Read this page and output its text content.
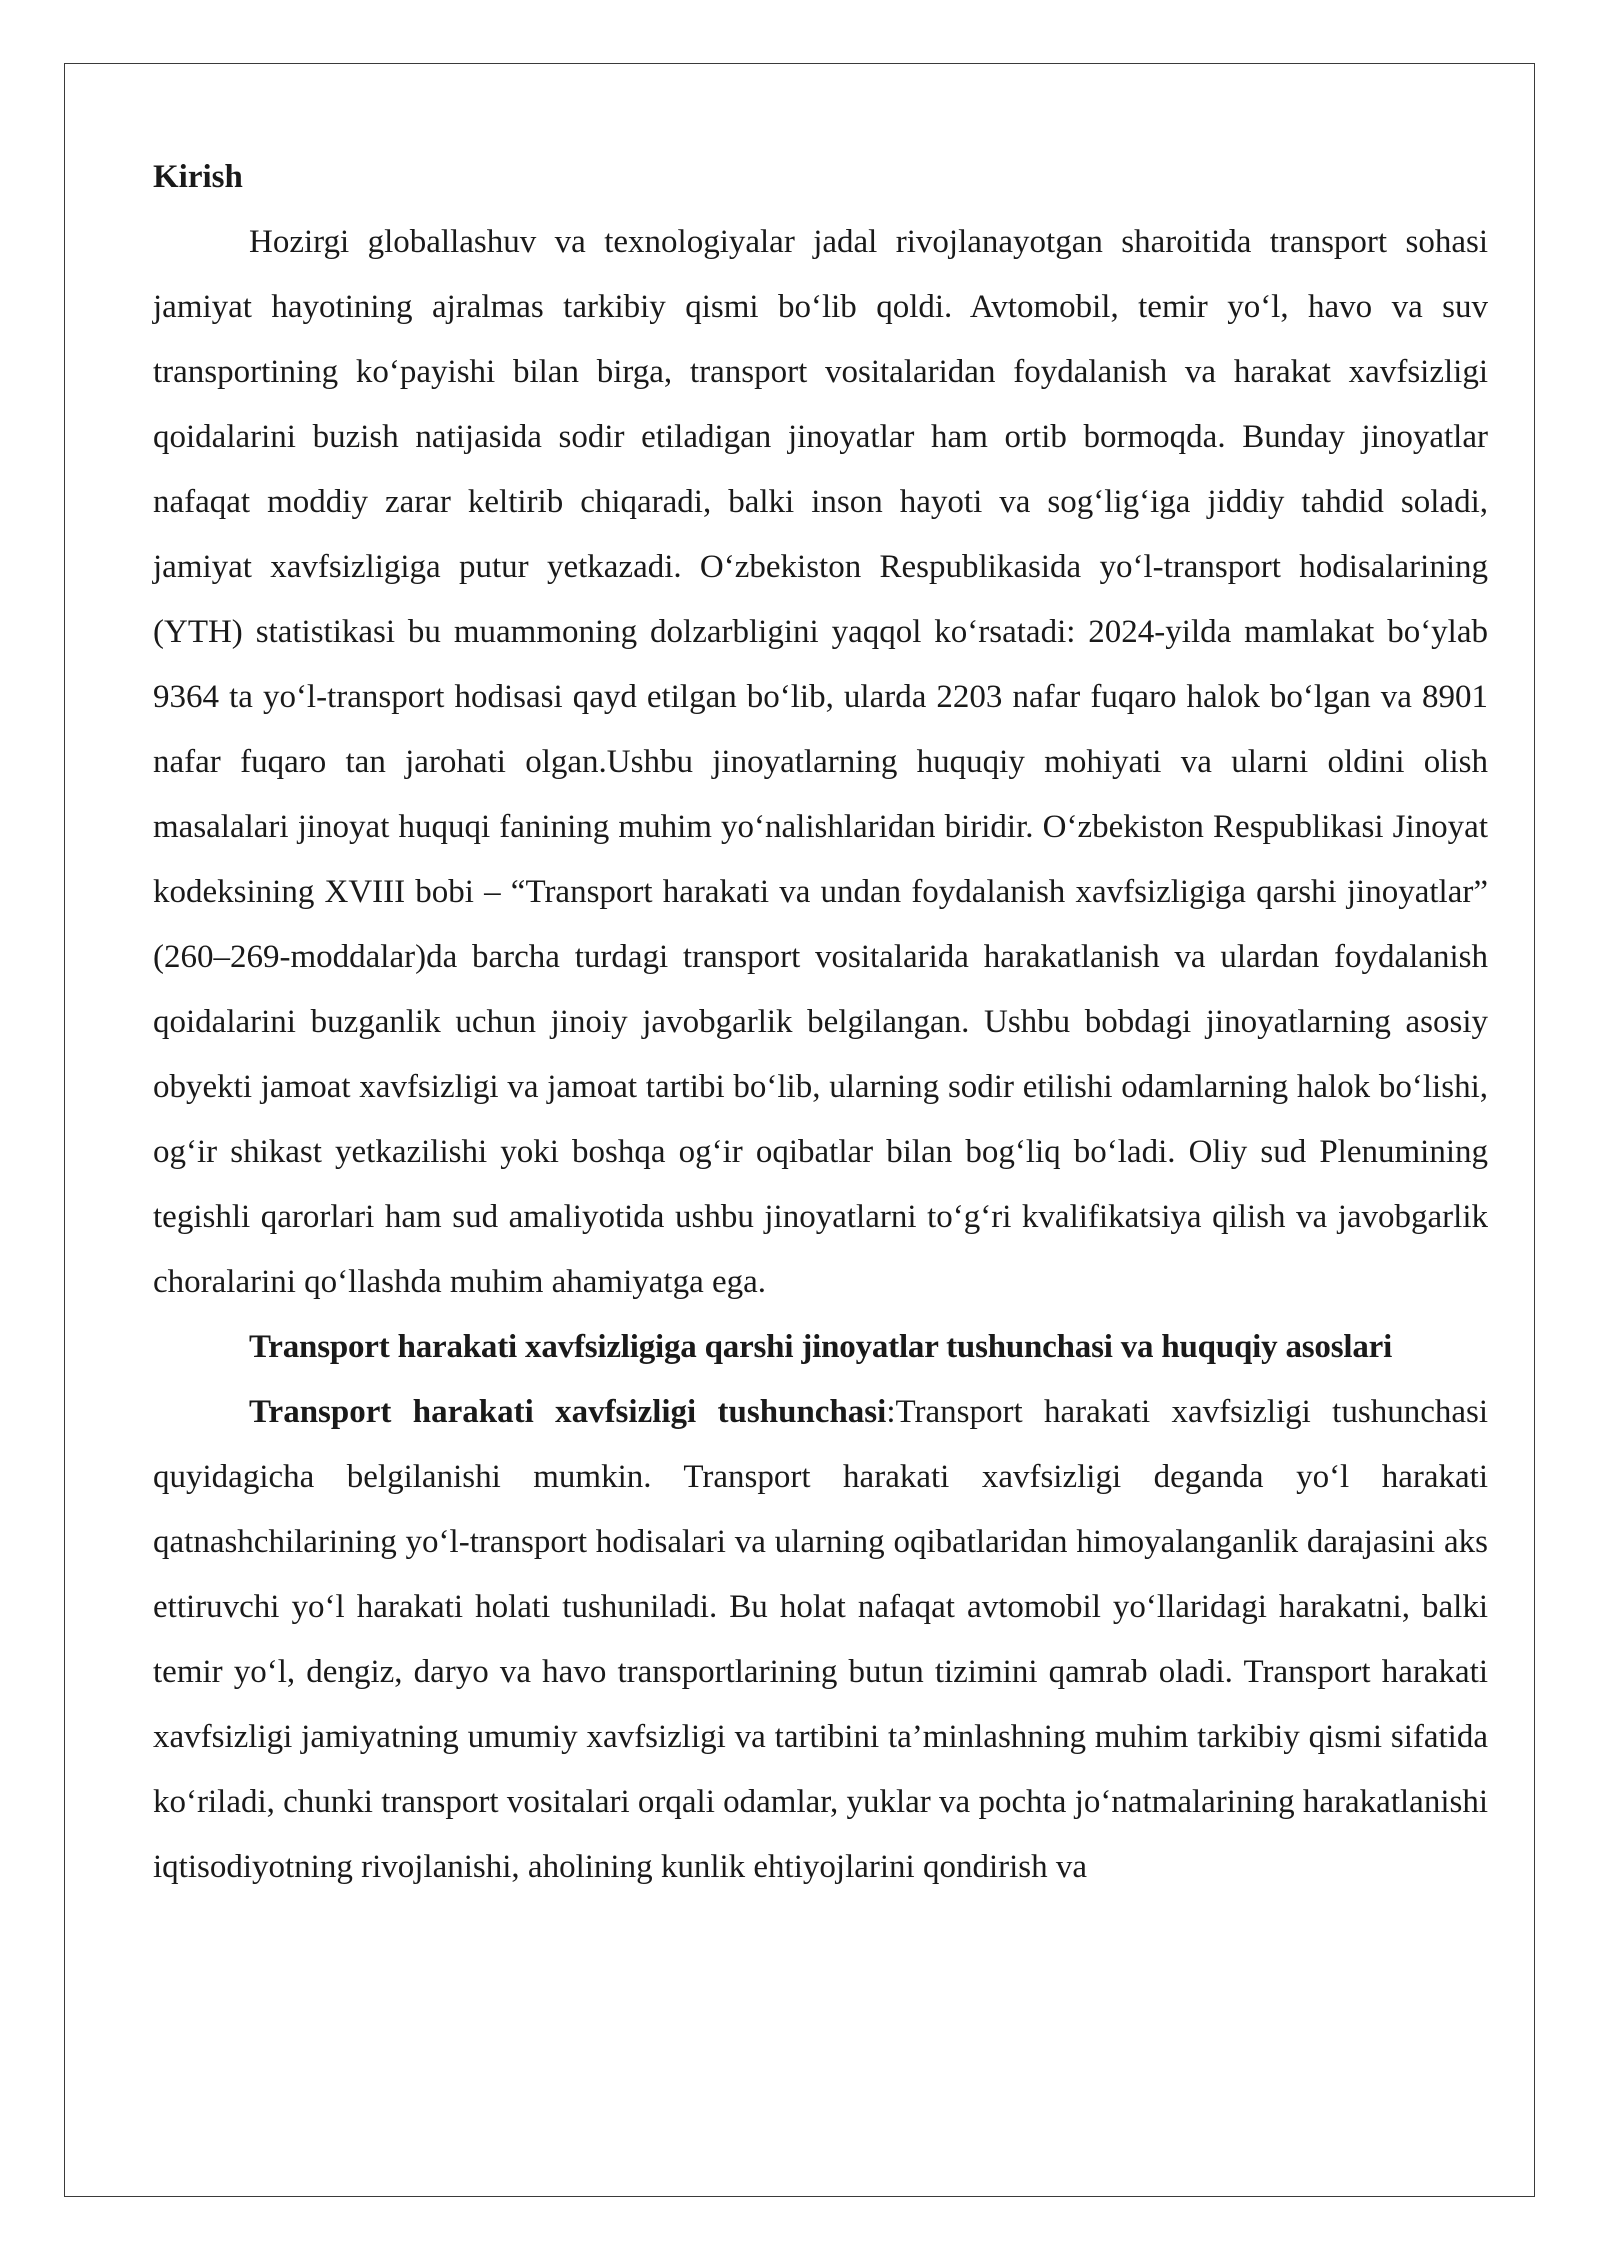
Kirish

Hozirgi globallashuv va texnologiyalar jadal rivojlanayotgan sharoitida transport sohasi jamiyat hayotining ajralmas tarkibiy qismi bo‘lib qoldi. Avtomobil, temir yo‘l, havo va suv transportining ko‘payishi bilan birga, transport vositalaridan foydalanish va harakat xavfsizligi qoidalarini buzish natijasida sodir etiladigan jinoyatlar ham ortib bormoqda. Bunday jinoyatlar nafaqat moddiy zarar keltirib chiqaradi, balki inson hayoti va sog‘lig‘iga jiddiy tahdid soladi, jamiyat xavfsizligiga putur yetkazadi. O‘zbekiston Respublikasida yo‘l-transport hodisalarining (YTH) statistikasi bu muammoning dolzarbligini yaqqol ko‘rsatadi: 2024-yilda mamlakat bo‘ylab 9364 ta yo‘l-transport hodisasi qayd etilgan bo‘lib, ularda 2203 nafar fuqaro halok bo‘lgan va 8901 nafar fuqaro tan jarohati olgan.Ushbu jinoyatlarning huquqiy mohiyati va ularni oldini olish masalalari jinoyat huquqi fanining muhim yo‘nalishlaridan biridir. O‘zbekiston Respublikasi Jinoyat kodeksining XVIII bobi – “Transport harakati va undan foydalanish xavfsizligiga qarshi jinoyatlar” (260–269-moddalar)da barcha turdagi transport vositalarida harakatlanish va ulardan foydalanish qoidalarini buzganlik uchun jinoiy javobgarlik belgilangan. Ushbu bobdagi jinoyatlarning asosiy obyekti jamoat xavfsizligi va jamoat tartibi bo‘lib, ularning sodir etilishi odamlarning halok bo‘lishi, og‘ir shikast yetkazilishi yoki boshqa og‘ir oqibatlar bilan bog‘liq bo‘ladi. Oliy sud Plenumining tegishli qarorlari ham sud amaliyotida ushbu jinoyatlarni to‘g‘ri kvalifikatsiya qilish va javobgarlik choralarini qo‘llashda muhim ahamiyatga ega.

Transport harakati xavfsizligiga qarshi jinoyatlar tushunchasi va huquqiy asoslari

Transport harakati xavfsizligi tushunchasi:Transport harakati xavfsizligi tushunchasi quyidagicha belgilanishi mumkin. Transport harakati xavfsizligi deganda yo‘l harakati qatnashchilarining yo‘l-transport hodisalari va ularning oqibatlaridan himoyalanganlik darajasini aks ettiruvchi yo‘l harakati holati tushuniladi. Bu holat nafaqat avtomobil yo‘llaridagi harakatni, balki temir yo‘l, dengiz, daryo va havo transportlarining butun tizimini qamrab oladi. Transport harakati xavfsizligi jamiyatning umumiy xavfsizligi va tartibini ta’minlashning muhim tarkibiy qismi sifatida ko‘riladi, chunki transport vositalari orqali odamlar, yuklar va pochta jo‘natmalarining harakatlanishi iqtisodiyotning rivojlanishi, aholining kunlik ehtiyojlarini qondirish va
